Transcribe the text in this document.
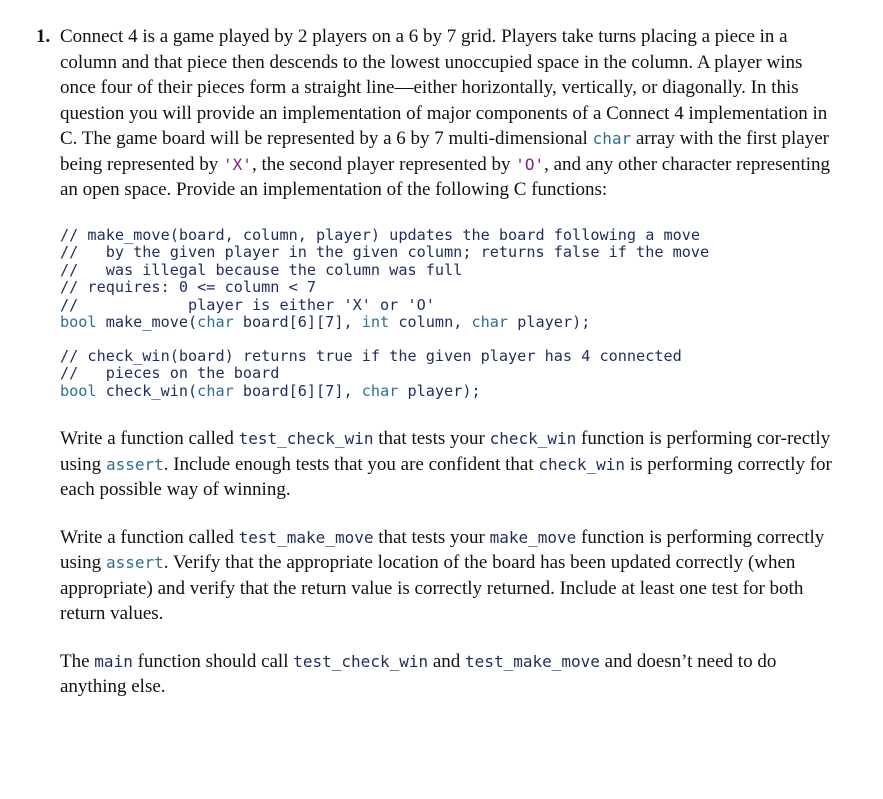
1. Connect 4 is a game played by 2 players on a 6 by 7 grid. Players take turns placing a piece in a column and that piece then descends to the lowest unoccupied space in the column. A player wins once four of their pieces form a straight line—either horizontally, vertically, or diagonally. In this question you will provide an implementation of major components of a Connect 4 implementation in C. The game board will be represented by a 6 by 7 multi-dimensional char array with the first player being represented by 'X', the second player represented by 'O', and any other character representing an open space. Provide an implementation of the following C functions:

// make_move(board, column, player) updates the board following a move
//   by the given player in the given column; returns false if the move
//   was illegal because the column was full
// requires: 0 <= column < 7
//            player is either 'X' or 'O'
bool make_move(char board[6][7], int column, char player);
// check_win(board) returns true if the given player has 4 connected
//   pieces on the board
bool check_win(char board[6][7], char player);

Write a function called test_check_win that tests your check_win function is performing cor-rectly using assert. Include enough tests that you are confident that check_win is performing correctly for each possible way of winning.

Write a function called test_make_move that tests your make_move function is performing correctly using assert. Verify that the appropriate location of the board has been updated correctly (when appropriate) and verify that the return value is correctly returned. Include at least one test for both return values.

The main function should call test_check_win and test_make_move and doesn’t need to do anything else.
